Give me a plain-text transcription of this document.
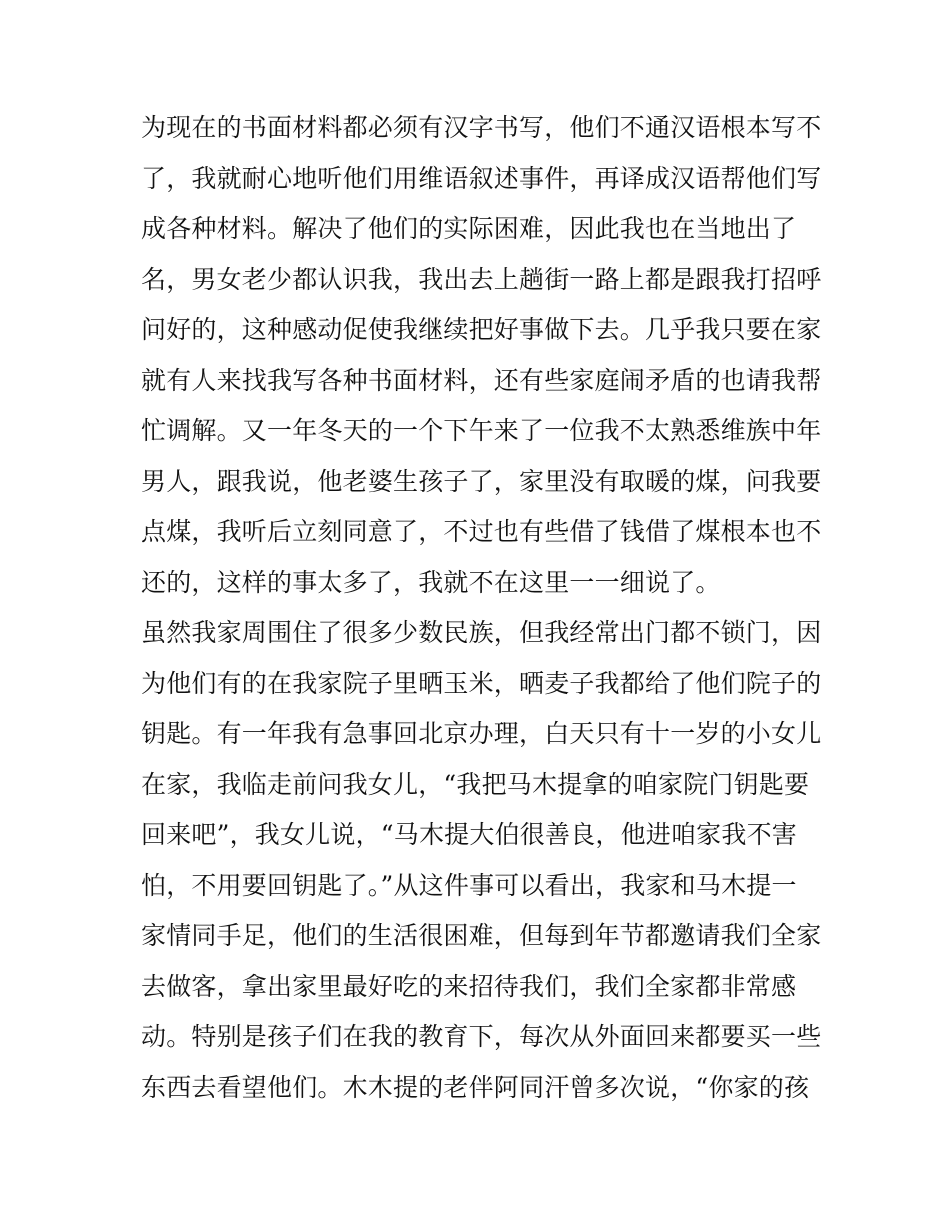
为现在的书面材料都必须有汉字书写，他们不通汉语根本写不
了，我就耐心地听他们用维语叙述事件，再译成汉语帮他们写
成各种材料。解决了他们的实际困难，因此我也在当地出了
名，男女老少都认识我，我出去上趟街一路上都是跟我打招呼
问好的，这种感动促使我继续把好事做下去。几乎我只要在家
就有人来找我写各种书面材料，还有些家庭闹矛盾的也请我帮
忙调解。又一年冬天的一个下午来了一位我不太熟悉维族中年
男人，跟我说，他老婆生孩子了，家里没有取暖的煤，问我要
点煤，我听后立刻同意了，不过也有些借了钱借了煤根本也不
还的，这样的事太多了，我就不在这里一一细说了。
虽然我家周围住了很多少数民族，但我经常出门都不锁门，因
为他们有的在我家院子里晒玉米，晒麦子我都给了他们院子的
钥匙。有一年我有急事回北京办理，白天只有十一岁的小女儿
在家，我临走前问我女儿，“我把马木提拿的咱家院门钥匙要
回来吧”，我女儿说，“马木提大伯很善良，他进咱家我不害
怕，不用要回钥匙了。”从这件事可以看出，我家和马木提一
家情同手足，他们的生活很困难，但每到年节都邀请我们全家
去做客，拿出家里最好吃的来招待我们，我们全家都非常感
动。特别是孩子们在我的教育下，每次从外面回来都要买一些
东西去看望他们。木木提的老伴阿同汗曾多次说，“你家的孩
